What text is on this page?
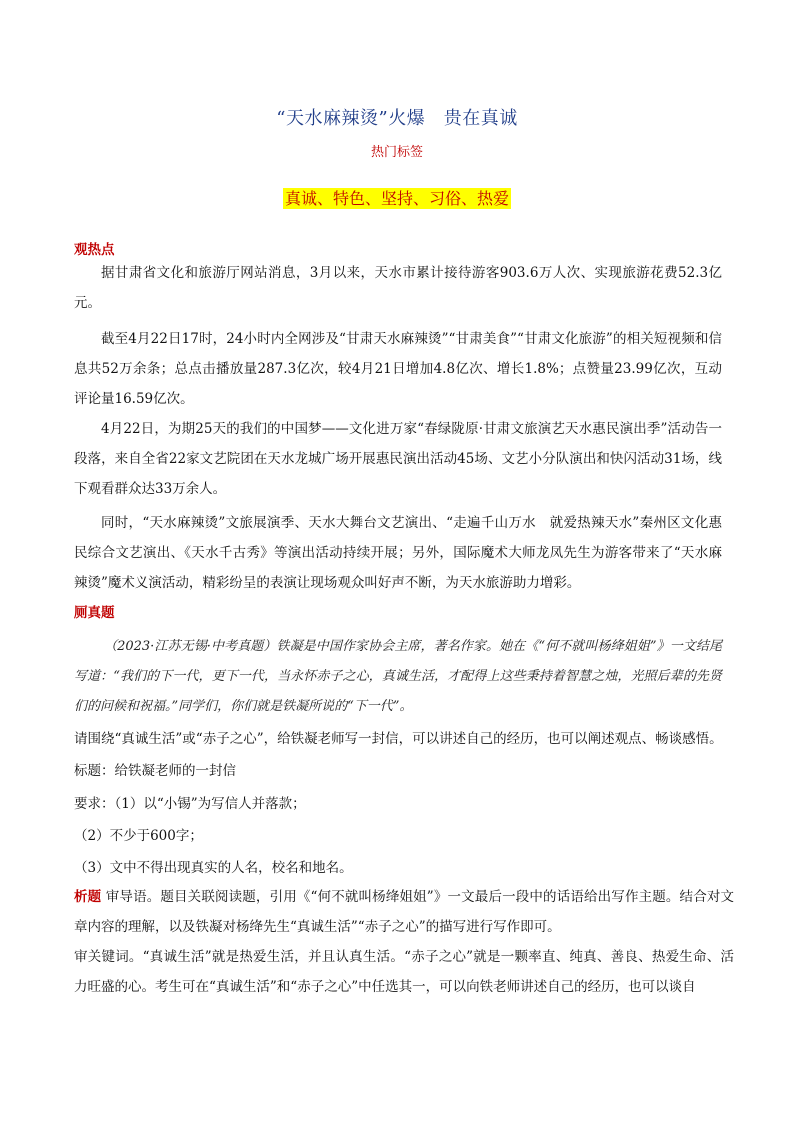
“天水麻辣烫”火爆　贵在真诚
热门标签
真诚、特色、坚持、习俗、热爱
观热点
据甘肃省文化和旅游厅网站消息，3月以来，天水市累计接待游客903.6万人次、实现旅游花费52.3亿元。
截至4月22日17时，24小时内全网涉及“甘肃天水麻辣烫”“甘肃美食”“甘肃文化旅游”的相关短视频和信息共52万余条；总点击播放量287.3亿次，较4月21日增加4.8亿次、增长1.8%；点赞量23.99亿次，互动评论量16.59亿次。
4月22日，为期25天的我们的中国梦——文化进万家“春绿陇原·甘肃文旅演艺天水惠民演出季”活动告一段落，来自全省22家文艺院团在天水龙城广场开展惠民演出活动45场、文艺小分队演出和快闪活动31场，线下观看群众达33万余人。
同时，“天水麻辣烫”文旅展演季、天水大舞台文艺演出、“走遍千山万水　就爱热辣天水”秦州区文化惠民综合文艺演出、《天水千古秀》等演出活动持续开展；另外，国际魔术大师龙凤先生为游客带来了“天水麻辣烫”魔术义演活动，精彩纷呈的表演让现场观众叫好声不断，为天水旅游助力增彩。
厕真题
（2023·江苏无锡·中考真题）铁凝是中国作家协会主席，著名作家。她在《“何不就叫杨绛姐姐”》一文结尾写道：“我们的下一代，更下一代，当永怀赤子之心，真诚生活，才配得上这些秉持着智慧之烛，光照后辈的先贤们的问候和祝福。”同学们，你们就是铁凝所说的“下一代”。
请围绕“真诚生活”或“赤子之心”，给铁凝老师写一封信，可以讲述自己的经历，也可以阐述观点、畅谈感悟。
标题：给铁凝老师的一封信
要求：（1）以“小锡”为写信人并落款；
（2）不少于600字；
（3）文中不得出现真实的人名，校名和地名。
析题 审导语。题目关联阅读题，引用《“何不就叫杨绛姐姐”》一文最后一段中的话语给出写作主题。结合对文章内容的理解，以及铁凝对杨绛先生“真诚生活”“赤子之心”的描写进行写作即可。
审关键词。“真诚生活”就是热爱生活，并且认真生活。“赤子之心”就是一颗率直、纯真、善良、热爱生命、活力旺盛的心。考生可在“真诚生活”和“赤子之心”中任选其一，可以向铁老师讲述自己的经历，也可以谈自
